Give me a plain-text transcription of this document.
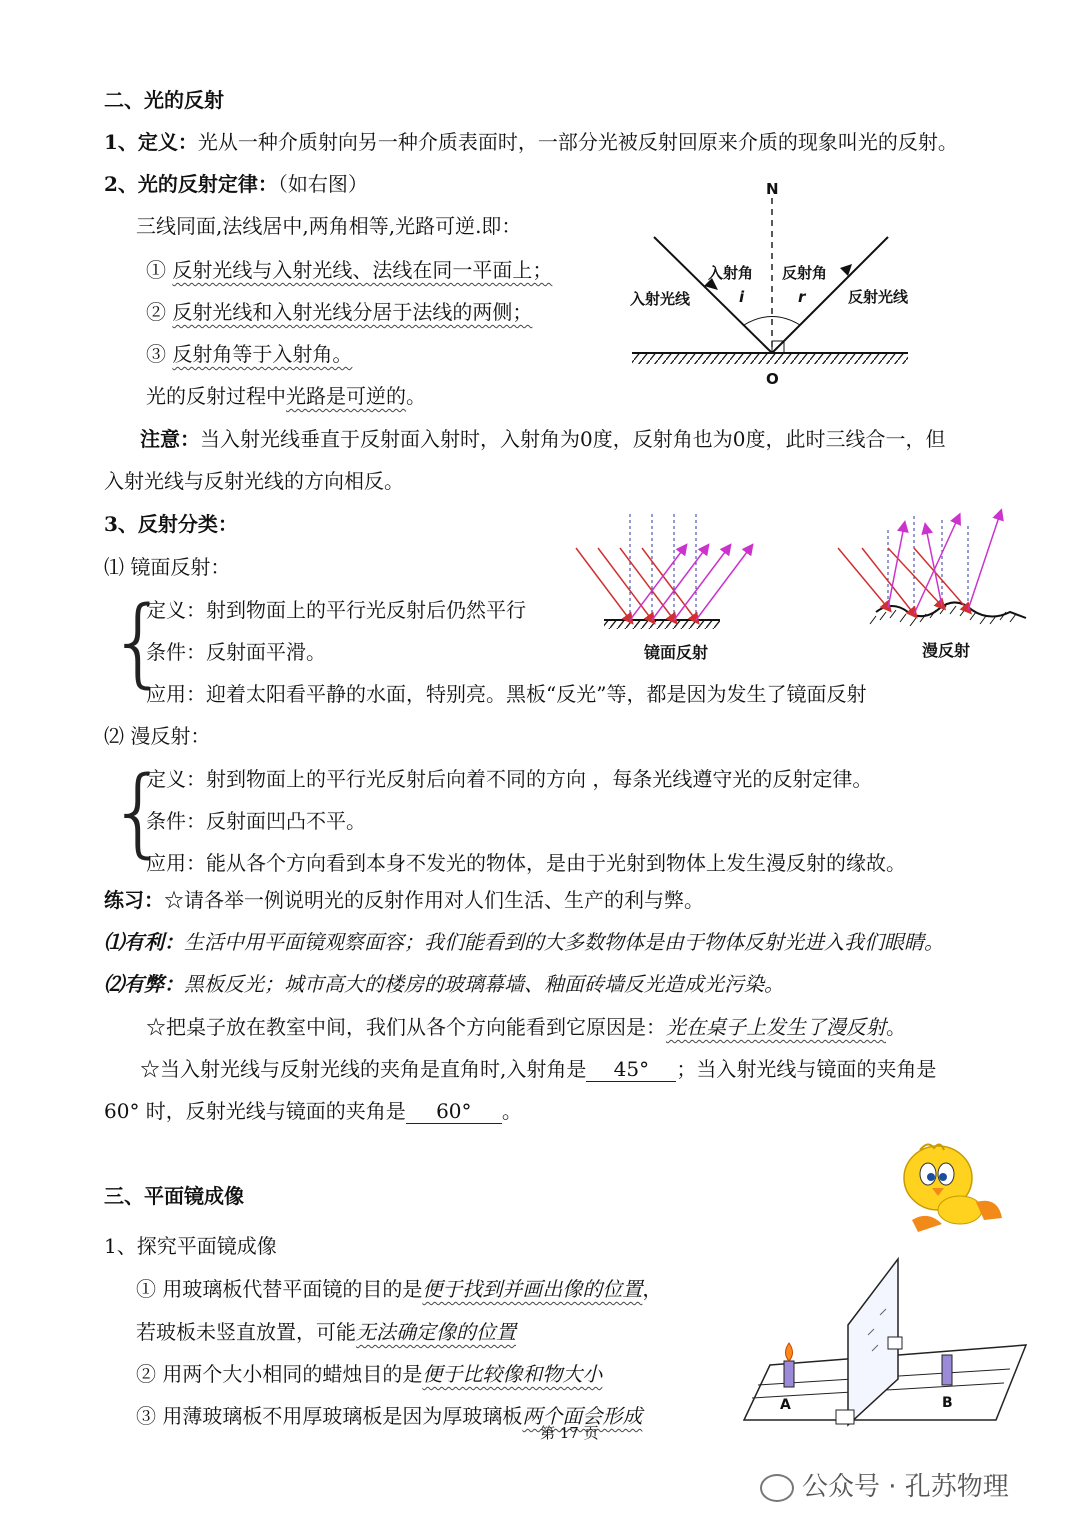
二、光的反射
1、定义：光从一种介质射向另一种介质表面时，一部分光被反射回原来介质的现象叫光的反射。
2、光的反射定律：（如右图）
三线同面,法线居中,两角相等,光路可逆.即：
① 反射光线与入射光线、法线在同一平面上；
② 反射光线和入射光线分居于法线的两侧；
③ 反射角等于入射角。
光的反射过程中光路是可逆的。
注意：当入射光线垂直于反射面入射时，入射角为0度，反射角也为0度，此时三线合一，但
入射光线与反射光线的方向相反。
N
O
入射角
i
反射角
r
入射光线	反射光线
3、反射分类：
⑴ 镜面反射：
{
定义：射到物面上的平行光反射后仍然平行
条件：反射面平滑。
应用：迎着太阳看平静的水面，特别亮。黑板“反光”等，都是因为发生了镜面反射
镜面反射	漫反射
⑵ 漫反射：
{
定义：射到物面上的平行光反射后向着不同的方向 ，每条光线遵守光的反射定律。
条件：反射面凹凸不平。
应用：能从各个方向看到本身不发光的物体，是由于光射到物体上发生漫反射的缘故。
练习：☆请各举一例说明光的反射作用对人们生活、生产的利与弊。
⑴有利：生活中用平面镜观察面容；我们能看到的大多数物体是由于物体反射光进入我们眼睛。
⑵有弊：黑板反光；城市高大的楼房的玻璃幕墙、釉面砖墙反光造成光污染。
☆把桌子放在教室中间，我们从各个方向能看到它原因是：光在桌子上发生了漫反射。
☆当入射光线与反射光线的夹角是直角时,入射角是 45° ；当入射光线与镜面的夹角是
60° 时，反射光线与镜面的夹角是 60° 。
三、平面镜成像
1、探究平面镜成像
① 用玻璃板代替平面镜的目的是便于找到并画出像的位置，
若玻板未竖直放置，可能无法确定像的位置
② 用两个大小相同的蜡烛目的是便于比较像和物大小
③ 用薄玻璃板不用厚玻璃板是因为厚玻璃板两个面会形成	A	B
第 17 页
公众号 · 孔苏物理
